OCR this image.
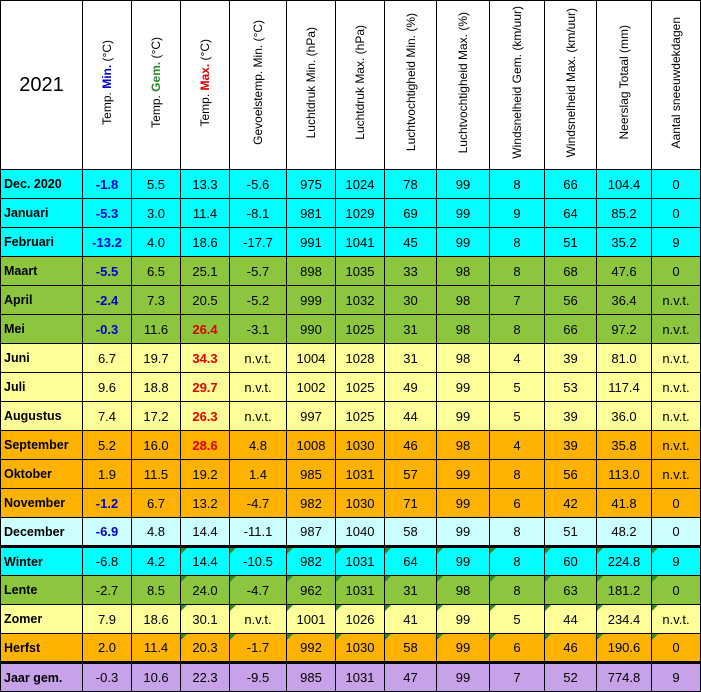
2021	Temp. Min. (°C)	Temp. Gem. (°C)	Temp. Max. (°C)	Gevoelstemp. Min. (°C)	Luchtdruk Min. (hPa)	Luchtdruk Max. (hPa)	Luchtvochtigheid Min. (%)	Luchtvochtigheid Max. (%)	Windsnelheid Gem. (km/uur)	Windsnelheid Max. (km/uur)	Neerslag Totaal (mm)	Aantal sneeuwdekdagen
Dec. 2020	-1.8	5.5	13.3	-5.6	975	1024	78	99	8	66	104.4	0
Januari	-5.3	3.0	11.4	-8.1	981	1029	69	99	9	64	85.2	0
Februari	-13.2	4.0	18.6	-17.7	991	1041	45	99	8	51	35.2	9
Maart	-5.5	6.5	25.1	-5.7	898	1035	33	98	8	68	47.6	0
April	-2.4	7.3	20.5	-5.2	999	1032	30	98	7	56	36.4	n.v.t.
Mei	-0.3	11.6	26.4	-3.1	990	1025	31	98	8	66	97.2	n.v.t.
Juni	6.7	19.7	34.3	n.v.t.	1004	1028	31	98	4	39	81.0	n.v.t.
Juli	9.6	18.8	29.7	n.v.t.	1002	1025	49	99	5	53	117.4	n.v.t.
Augustus	7.4	17.2	26.3	n.v.t.	997	1025	44	99	5	39	36.0	n.v.t.
September	5.2	16.0	28.6	4.8	1008	1030	46	98	4	39	35.8	n.v.t.
Oktober	1.9	11.5	19.2	1.4	985	1031	57	99	8	56	113.0	n.v.t.
November	-1.2	6.7	13.2	-4.7	982	1030	71	99	6	42	41.8	0
December	-6.9	4.8	14.4	-11.1	987	1040	58	99	8	51	48.2	0
Winter	-6.8	4.2	14.4	-10.5	982	1031	64	99	8	60	224.8	9
Lente	-2.7	8.5	24.0	-4.7	962	1031	31	98	8	63	181.2	0
Zomer	7.9	18.6	30.1	n.v.t.	1001	1026	41	99	5	44	234.4	n.v.t.
Herfst	2.0	11.4	20.3	-1.7	992	1030	58	99	6	46	190.6	0
Jaar gem.	-0.3	10.6	22.3	-9.5	985	1031	47	99	7	52	774.8	9
